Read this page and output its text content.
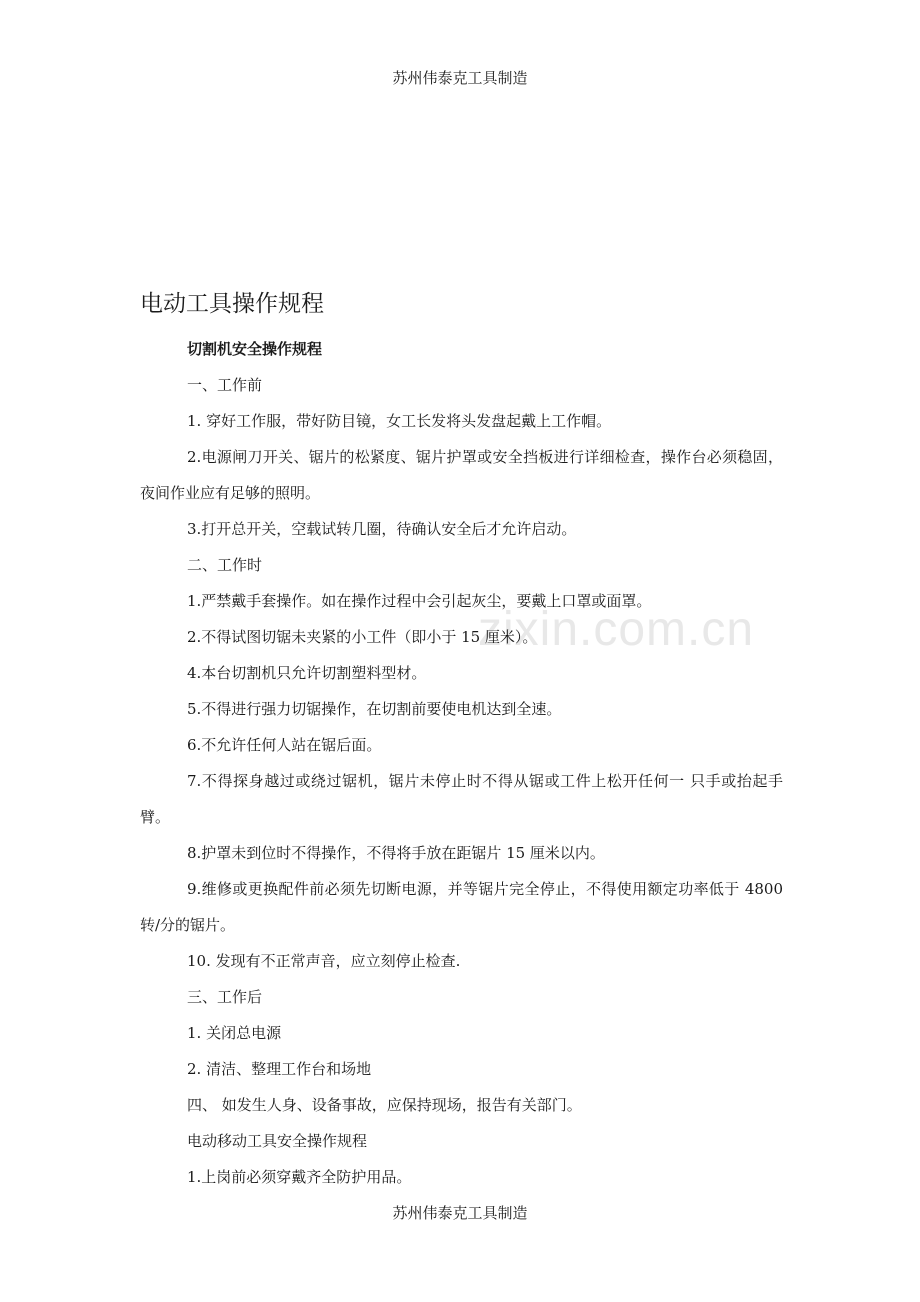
苏州伟泰克工具制造
电动工具操作规程
zixin.com.cn

切割机安全操作规程

一、工作前

1. 穿好工作服，带好防目镜，女工长发将头发盘起戴上工作帽。

2.电源闸刀开关、锯片的松紧度、锯片护罩或安全挡板进行详细检查，操作台必须稳固，夜间作业应有足够的照明。

3.打开总开关，空载试转几圈，待确认安全后才允许启动。

二、工作时

1.严禁戴手套操作。如在操作过程中会引起灰尘，要戴上口罩或面罩。

2.不得试图切锯未夹紧的小工件（即小于 15 厘米）。

4.本台切割机只允许切割塑料型材。

5.不得进行强力切锯操作，在切割前要使电机达到全速。

6.不允许任何人站在锯后面。

7.不得探身越过或绕过锯机，锯片未停止时不得从锯或工件上松开任何一 只手或抬起手臂。

8.护罩未到位时不得操作，不得将手放在距锯片 15 厘米以内。

9.维修或更换配件前必须先切断电源，并等锯片完全停止，不得使用额定功率低于 4800 转/分的锯片。

10. 发现有不正常声音，应立刻停止检查.

三、工作后

1. 关闭总电源

2. 清洁、整理工作台和场地

四、 如发生人身、设备事故，应保持现场，报告有关部门。

电动移动工具安全操作规程

1.上岗前必须穿戴齐全防护用品。

苏州伟泰克工具制造
